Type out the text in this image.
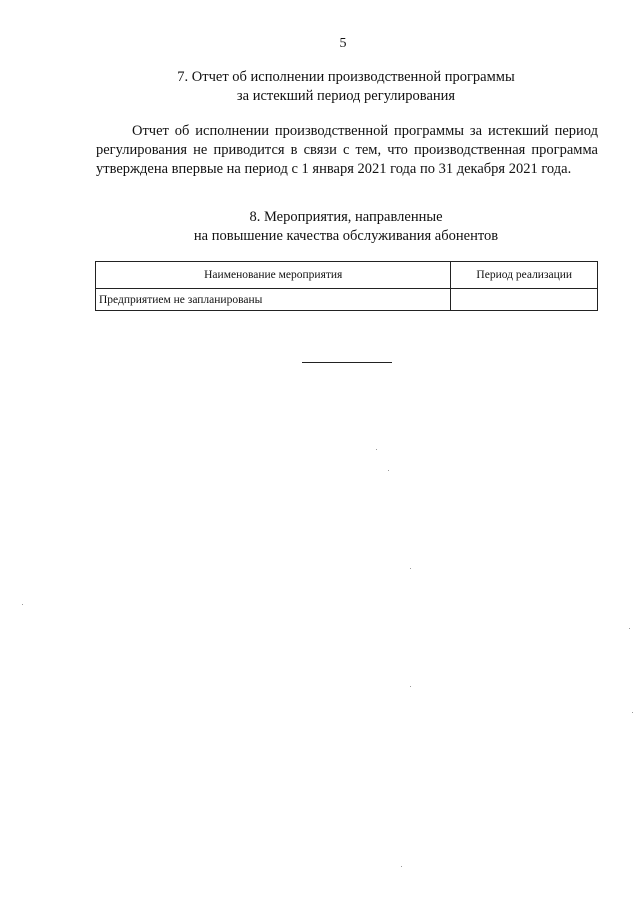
5
7. Отчет об исполнении производственной программы
за истекший период регулирования

Отчет об исполнении производственной программы за истекший период регулирования не приводится в связи с тем, что производственная программа утверждена впервые на период с 1 января 2021 года по 31 декабря 2021 года.

8. Мероприятия, направленные
на повышение качества обслуживания абонентов
Наименование мероприятия	Период реализации
Предприятием не запланированы	
